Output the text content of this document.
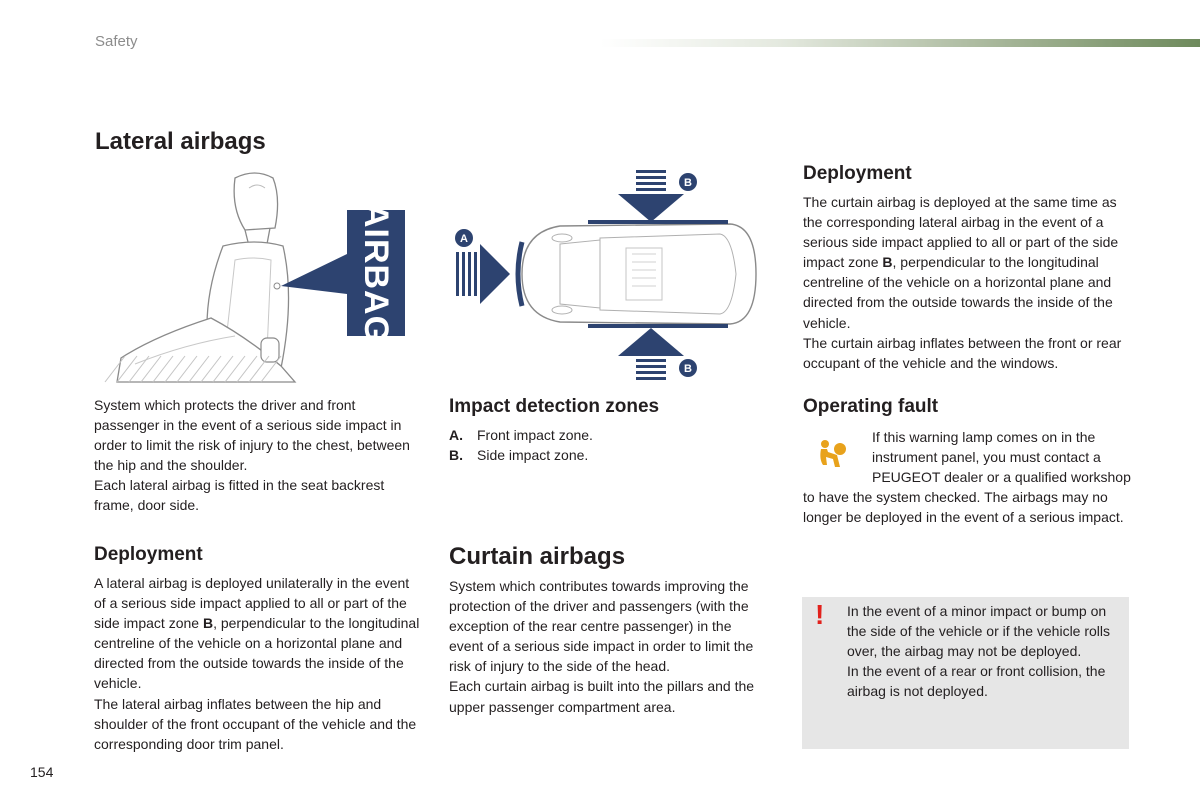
Safety
Lateral airbags
AIRBAG
B
A
B

System which protects the driver and front passenger in the event of a serious side impact in order to limit the risk of injury to the chest, between the hip and the shoulder.

Each lateral airbag is fitted in the seat backrest frame, door side.

Deployment

A lateral airbag is deployed unilaterally in the event of a serious side impact applied to all or part of the side impact zone B, perpendicular to the longitudinal centreline of the vehicle on a horizontal plane and directed from the outside towards the inside of the vehicle.

The lateral airbag inflates between the hip and shoulder of the front occupant of the vehicle and the corresponding door trim panel.

Impact detection zones
A.	Front impact zone.
B.	Side impact zone.
Curtain airbags

System which contributes towards improving the protection of the driver and passengers (with the exception of the rear centre passenger) in the event of a serious side impact in order to limit the risk of injury to the side of the head.

Each curtain airbag is built into the pillars and the upper passenger compartment area.

Deployment

The curtain airbag is deployed at the same time as the corresponding lateral airbag in the event of a serious side impact applied to all or part of the side impact zone B, perpendicular to the longitudinal centreline of the vehicle on a horizontal plane and directed from the outside towards the inside of the vehicle.

The curtain airbag inflates between the front or rear occupant of the vehicle and the windows.

Operating fault
If this warning lamp comes on in the instrument panel, you must contact a PEUGEOT dealer or a qualified workshop to have the system checked. The airbags may no longer be deployed in the event of a serious impact.
!	In the event of a minor impact or bump on the side of the vehicle or if the vehicle rolls over, the airbag may not be deployed.

In the event of a rear or front collision, the airbag is not deployed.

154
